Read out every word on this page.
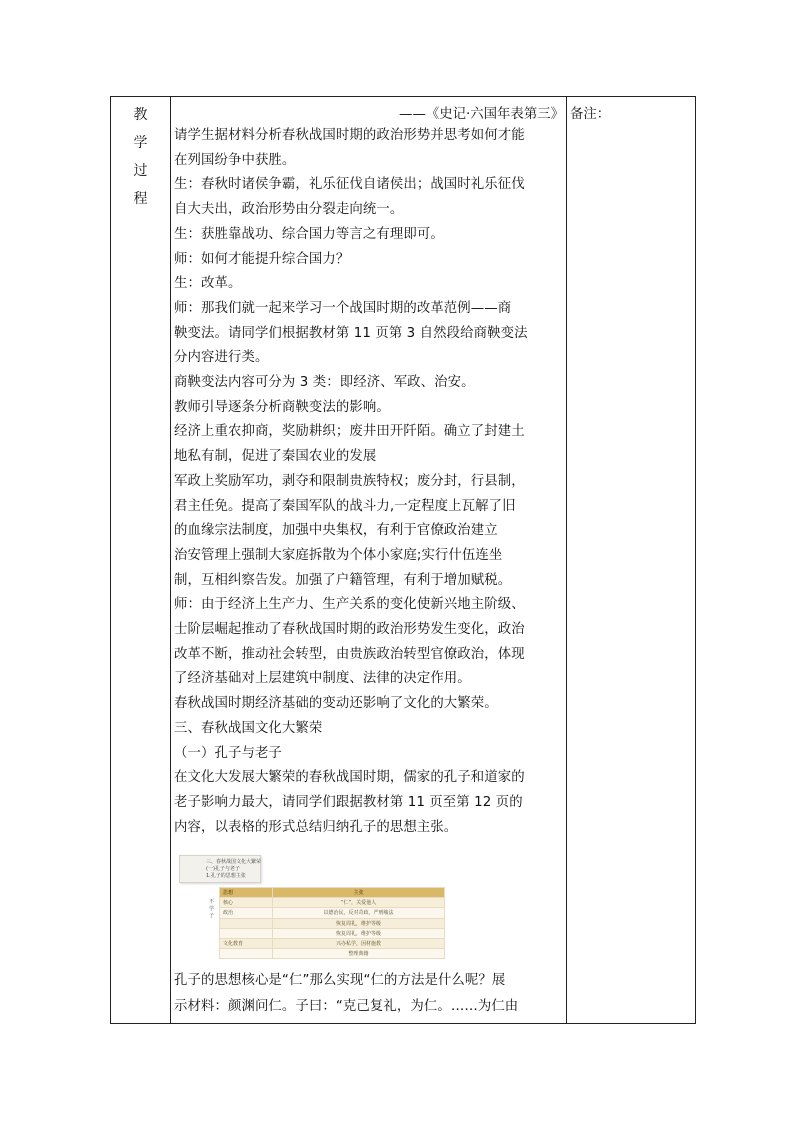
教
学
过
程
——《史记·六国年表第三》
请学生据材料分析春秋战国时期的政治形势并思考如何才能
在列国纷争中获胜。
生：春秋时诸侯争霸，礼乐征伐自诸侯出；战国时礼乐征伐
自大夫出，政治形势由分裂走向统一。
生：获胜靠战功、综合国力等言之有理即可。
师：如何才能提升综合国力？
生：改革。
师：那我们就一起来学习一个战国时期的改革范例——商
鞅变法。请同学们根据教材第 11 页第 3 自然段给商鞅变法
分内容进行类。
商鞅变法内容可分为 3 类：即经济、军政、治安。
教师引导逐条分析商鞅变法的影响。
经济上重农抑商，奖励耕织；废井田开阡陌。确立了封建土
地私有制，促进了秦国农业的发展
军政上奖励军功，剥夺和限制贵族特权；废分封，行县制，
君主任免。提高了秦国军队的战斗力,一定程度上瓦解了旧
的血缘宗法制度，加强中央集权，有利于官僚政治建立
治安管理上强制大家庭拆散为个体小家庭;实行什伍连坐
制，互相纠察告发。加强了户籍管理，有利于增加赋税。
师：由于经济上生产力、生产关系的变化使新兴地主阶级、
士阶层崛起推动了春秋战国时期的政治形势发生变化，政治
改革不断，推动社会转型，由贵族政治转型官僚政治，体现
了经济基础对上层建筑中制度、法律的决定作用。
春秋战国时期经济基础的变动还影响了文化的大繁荣。
三、春秋战国文化大繁荣
（一）孔子与老子
在文化大发展大繁荣的春秋战国时期，儒家的孔子和道家的
老子影响力最大，请同学们跟据教材第 11 页至第 12 页的
内容，以表格的形式总结归纳孔子的思想主张。
三、春秋战国文化大繁荣
(一)孔子与老子
1.孔子的思想主张
不
学
子
思想	主张
核心	“仁”，关爱他人
政治	以德治民，反对苛政，严刑峻法
	恢复周礼，维护等级
	恢复周礼，维护等级
文化教育	兴办私学，因材施教
	整理典籍
孔子的思想核心是“仁”那么实现“仁的方法是什么呢？展
示材料：颜渊问仁。子曰：“克己复礼，为仁。……为仁由
备注：
